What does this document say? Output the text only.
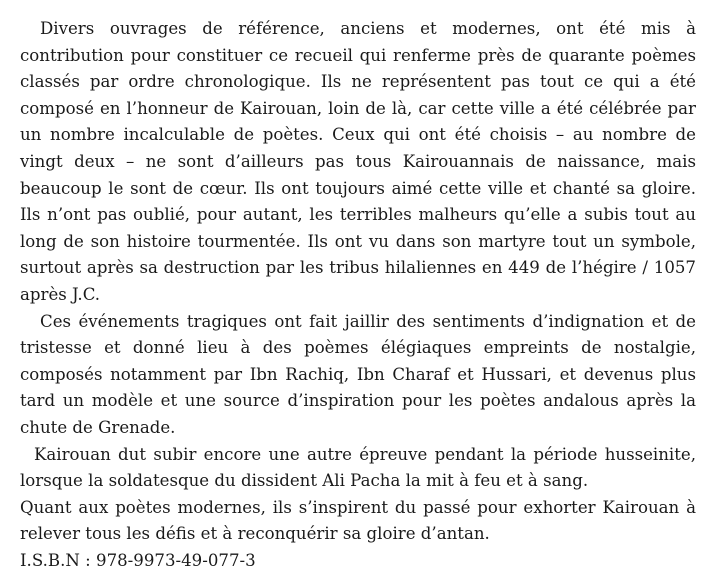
Divers ouvrages de référence, anciens et modernes, ont été mis à contribution pour constituer ce recueil qui renferme près de quarante poèmes classés par ordre chronologique. Ils ne représentent pas tout ce qui a été composé en l’honneur de Kairouan, loin de là, car cette ville a été célébrée par un nombre incalculable de poètes. Ceux qui ont été choisis – au nombre de vingt deux – ne sont d’ailleurs pas tous Kairouannais de naissance, mais beaucoup le sont de cœur. Ils ont toujours aimé cette ville et chanté sa gloire. Ils n’ont pas oublié, pour autant, les terribles malheurs qu’elle a subis tout au long de son histoire tourmentée. Ils ont vu dans son martyre tout un symbole, surtout après sa destruction par les tribus hilaliennes en 449 de l’hégire / 1057 après J.C.

Ces événements tragiques ont fait jaillir des sentiments d’indignation et de tristesse et donné lieu à des poèmes élégiaques empreints de nostalgie, composés notamment par Ibn Rachiq, Ibn Charaf et Hussari, et devenus plus tard un modèle et une source d’inspiration pour les poètes andalous après la chute de Grenade.

Kairouan dut subir encore une autre épreuve pendant la période husseinite, lorsque la soldatesque du dissident Ali Pacha la mit à feu et à sang.

Quant aux poètes modernes, ils s’inspirent du passé pour exhorter Kairouan à relever tous les défis et à reconquérir sa gloire d’antan.

I.S.B.N : 978-9973-49-077-3
